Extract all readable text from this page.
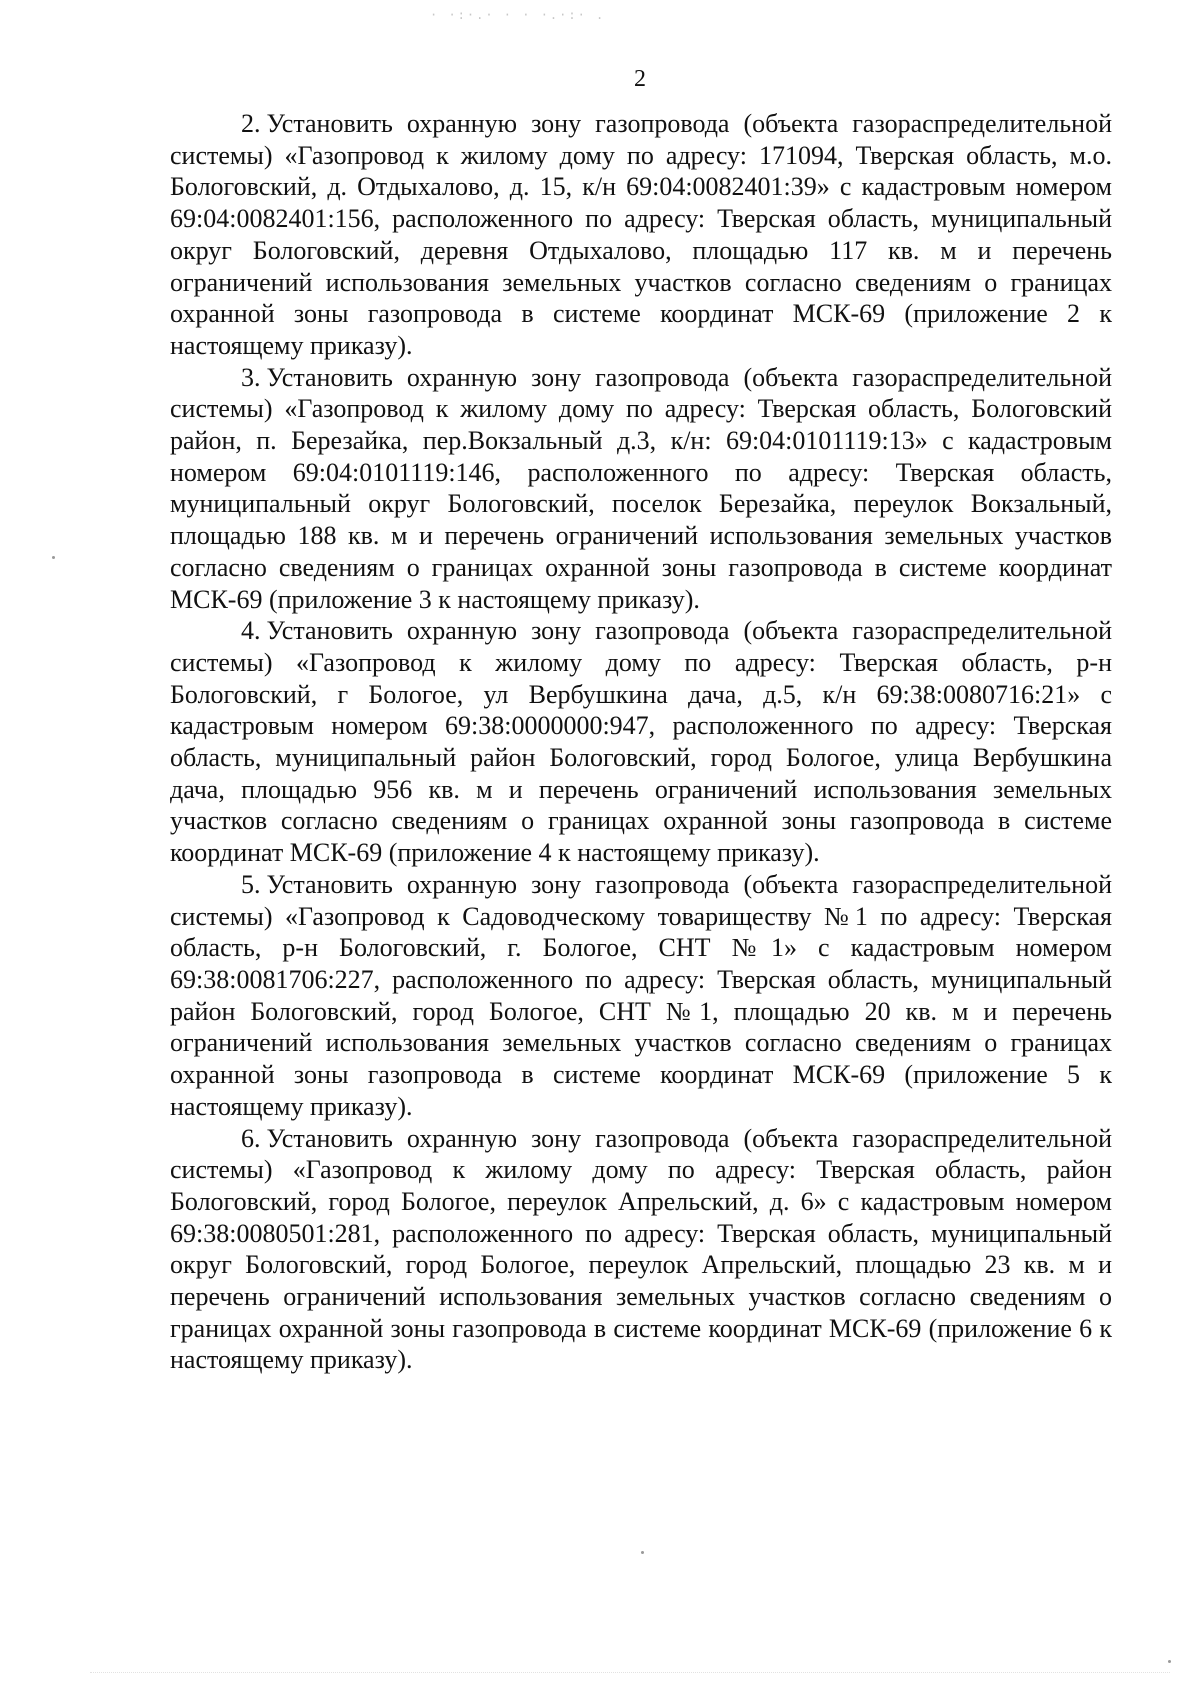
· ·:·.· · · ·.·:· .
2

2. Установить охранную зону газопровода (объекта газораспределительной системы) «Газопровод к жилому дому по адресу: 171094, Тверская область, м.о. Бологовский, д. Отдыхалово, д. 15, к/н 69:04:0082401:39» с кадастровым номером 69:04:0082401:156, расположенного по адресу: Тверская область, муниципальный округ Бологовский, деревня Отдыхалово, площадью 117 кв. м и перечень ограничений использования земельных участков согласно сведениям о границах охранной зоны газопровода в системе координат МСК-69 (приложение 2 к настоящему приказу).

3. Установить охранную зону газопровода (объекта газораспределительной системы) «Газопровод к жилому дому по адресу: Тверская область, Бологовский район, п. Березайка, пер.Вокзальный д.3, к/н: 69:04:0101119:13» с кадастровым номером 69:04:0101119:146, расположенного по адресу: Тверская область, муниципальный округ Бологовский, поселок Березайка, переулок Вокзальный, площадью 188 кв. м и перечень ограничений использования земельных участков согласно сведениям о границах охранной зоны газопровода в системе координат МСК-69 (приложение 3 к настоящему приказу).

4. Установить охранную зону газопровода (объекта газораспределительной системы) «Газопровод к жилому дому по адресу: Тверская область, р-н Бологовский, г Бологое, ул Вербушкина дача, д.5, к/н 69:38:0080716:21» с кадастровым номером 69:38:0000000:947, расположенного по адресу: Тверская область, муниципальный район Бологовский, город Бологое, улица Вербушкина дача, площадью 956 кв. м и перечень ограничений использования земельных участков согласно сведениям о границах охранной зоны газопровода в системе координат МСК-69 (приложение 4 к настоящему приказу).

5. Установить охранную зону газопровода (объекта газораспределительной системы) «Газопровод к Садоводческому товариществу №1 по адресу: Тверская область, р-н Бологовский, г. Бологое, СНТ №1» с кадастровым номером 69:38:0081706:227, расположенного по адресу: Тверская область, муниципальный район Бологовский, город Бологое, СНТ №1, площадью 20 кв. м и перечень ограничений использования земельных участков согласно сведениям о границах охранной зоны газопровода в системе координат МСК-69 (приложение 5 к настоящему приказу).

6. Установить охранную зону газопровода (объекта газораспределительной системы) «Газопровод к жилому дому по адресу: Тверская область, район Бологовский, город Бологое, переулок Апрельский, д. 6» с кадастровым номером 69:38:0080501:281, расположенного по адресу: Тверская область, муниципальный округ Бологовский, город Бологое, переулок Апрельский, площадью 23 кв. м и перечень ограничений использования земельных участков согласно сведениям о границах охранной зоны газопровода в системе координат МСК-69 (приложение 6 к настоящему приказу).
